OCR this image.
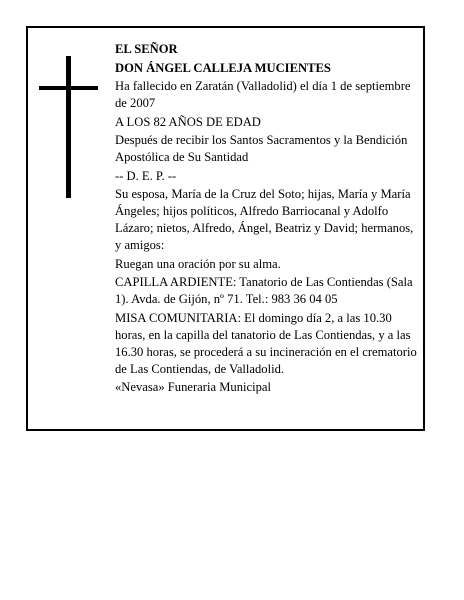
EL SEÑOR

DON ÁNGEL CALLEJA MUCIENTES

Ha fallecido en Zaratán (Valladolid) el día 1 de septiembre de 2007

A LOS 82 AÑOS DE EDAD

Después de recibir los Santos Sacramentos y la Bendición Apostólica de Su Santidad

-- D. E. P. --

Su esposa, María de la Cruz del Soto; hijas, María y María Ángeles; hijos políticos, Alfredo Barriocanal y Adolfo Lázaro; nietos, Alfredo, Ángel, Beatriz y David; hermanos, y amigos:

Ruegan una oración por su alma.

CAPILLA ARDIENTE: Tanatorio de Las Contiendas (Sala 1). Avda. de Gijón, nº 71. Tel.: 983 36 04 05

MISA COMUNITARIA: El domingo día 2, a las 10.30 horas, en la capilla del tanatorio de Las Contiendas, y a las 16.30 horas, se procederá a su incineración en el crematorio de Las Contiendas, de Valladolid.

«Nevasa» Funeraria Municipal
